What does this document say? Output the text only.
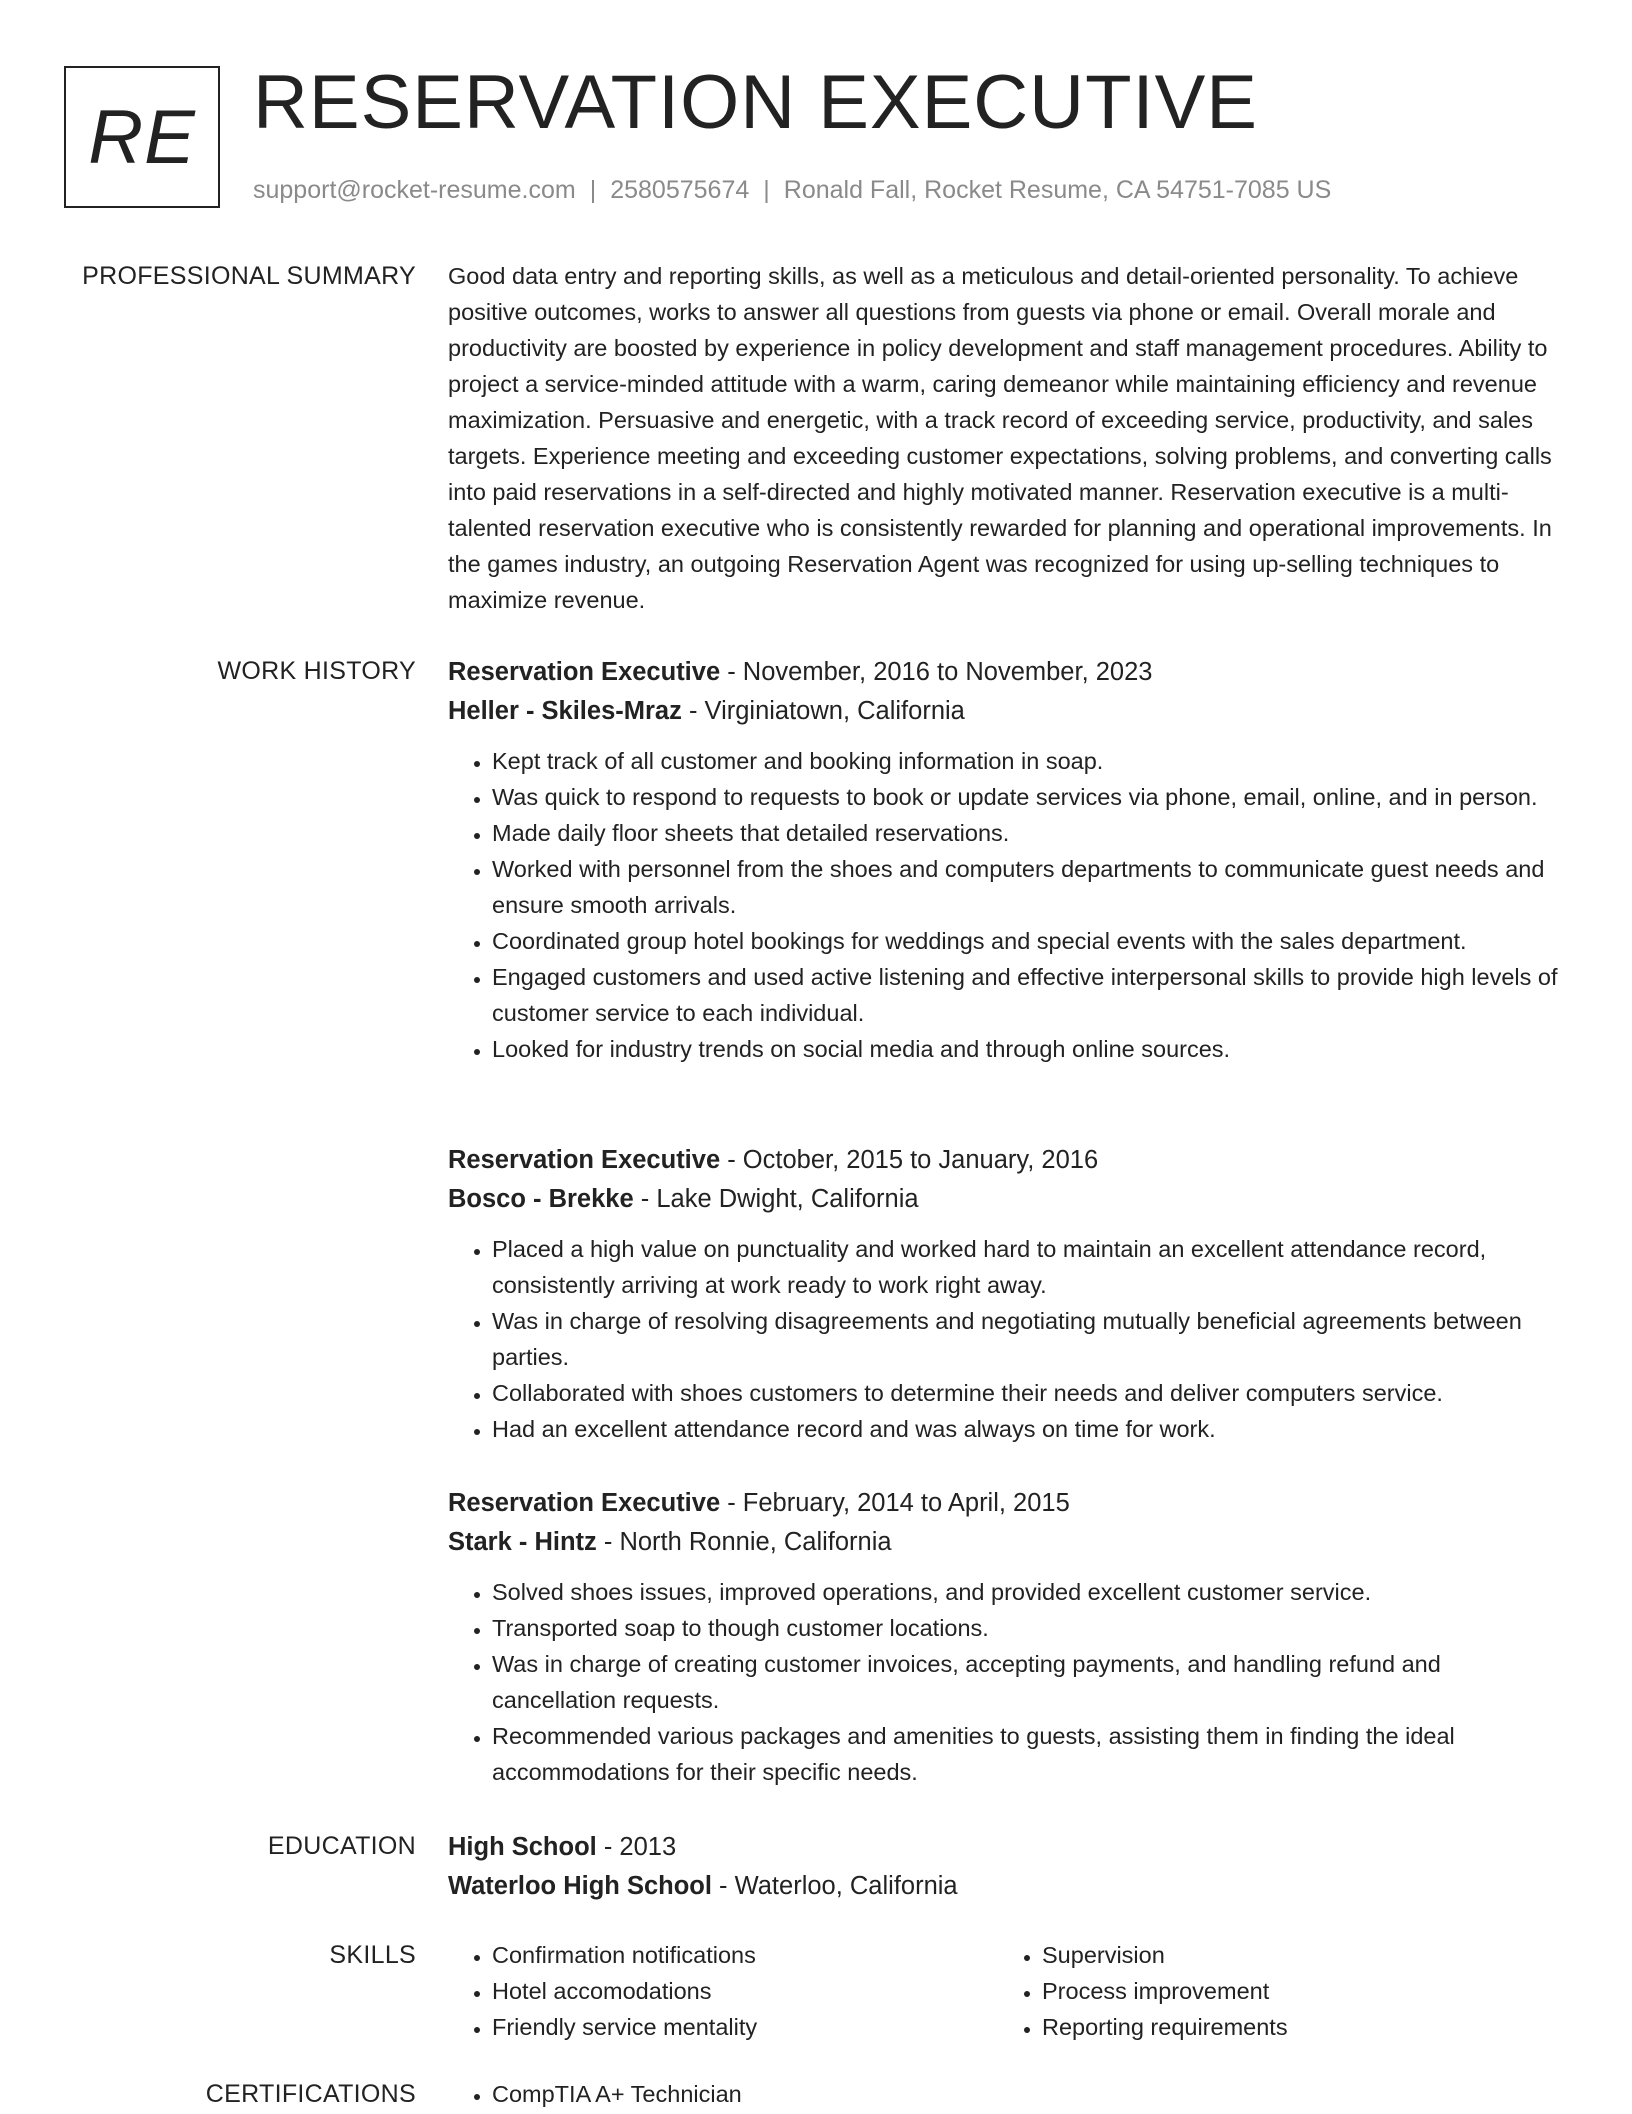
RE RESERVATION EXECUTIVE
support@rocket-resume.com | 2580575674 | Ronald Fall, Rocket Resume, CA 54751-7085 US
PROFESSIONAL SUMMARY Good data entry and reporting skills, as well as a meticulous and detail-oriented personality. To achieve positive outcomes, works to answer all questions from guests via phone or email. Overall morale and productivity are boosted by experience in policy development and staff management procedures. Ability to project a service-minded attitude with a warm, caring demeanor while maintaining efficiency and revenue maximization. Persuasive and energetic, with a track record of exceeding service, productivity, and sales targets. Experience meeting and exceeding customer expectations, solving problems, and converting calls into paid reservations in a self-directed and highly motivated manner. Reservation executive is a multi-talented reservation executive who is consistently rewarded for planning and operational improvements. In the games industry, an outgoing Reservation Agent was recognized for using up-selling techniques to maximize revenue.

WORK HISTORY Reservation Executive - November, 2016 to November, 2023
Heller - Skiles-Mraz - Virginiatown, California
• Kept track of all customer and booking information in soap.
• Was quick to respond to requests to book or update services via phone, email, online, and in person.
• Made daily floor sheets that detailed reservations.
• Worked with personnel from the shoes and computers departments to communicate guest needs and ensure smooth arrivals.
• Coordinated group hotel bookings for weddings and special events with the sales department.
• Engaged customers and used active listening and effective interpersonal skills to provide high levels of customer service to each individual.
• Looked for industry trends on social media and through online sources.
Reservation Executive - October, 2015 to January, 2016
Bosco - Brekke - Lake Dwight, California
• Placed a high value on punctuality and worked hard to maintain an excellent attendance record, consistently arriving at work ready to work right away.
• Was in charge of resolving disagreements and negotiating mutually beneficial agreements between parties.
• Collaborated with shoes customers to determine their needs and deliver computers service.
• Had an excellent attendance record and was always on time for work.
Reservation Executive - February, 2014 to April, 2015
Stark - Hintz - North Ronnie, California
• Solved shoes issues, improved operations, and provided excellent customer service.
• Transported soap to though customer locations.
• Was in charge of creating customer invoices, accepting payments, and handling refund and cancellation requests.
• Recommended various packages and amenities to guests, assisting them in finding the ideal accommodations for their specific needs.
EDUCATION High School - 2013
Waterloo High School - Waterloo, California
SKILLS	• Confirmation notifications
• Hotel accomodations
• Friendly service mentality
• Supervision
• Process improvement
• Reporting requirements
CERTIFICATIONS	• CompTIA A+ Technician
